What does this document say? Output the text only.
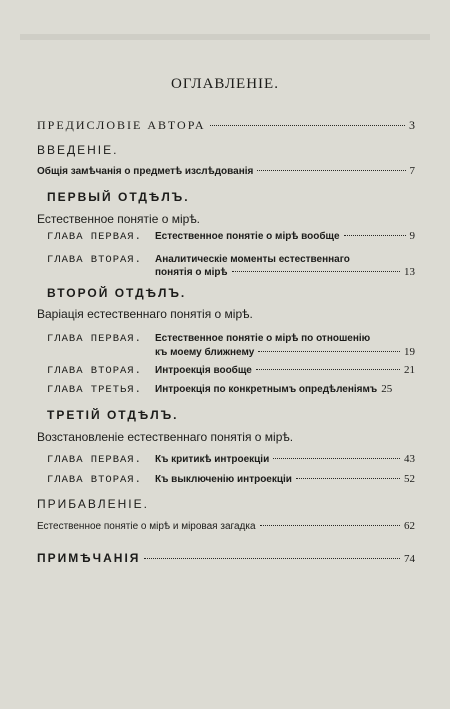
ОГЛАВЛЕНІЕ.
ПРЕДИСЛОВІЕ АВТОРА	3
ВВЕДЕНІЕ.
Общія замѣчанія о предметѣ изслѣдованія	7
ПЕРВЫЙ ОТДѢЛЪ.
Естественное понятіе о мірѣ.
ГЛАВА ПЕРВАЯ.	Естественное понятіе о мірѣ вообще	9
ГЛАВА ВТОРАЯ.	Аналитическіе моменты естественнаго
понятія о мірѣ	13
ВТОРОЙ ОТДѢЛЪ.
Варіація естественнаго понятія о мірѣ.
ГЛАВА ПЕРВАЯ.	Естественное понятіе о мірѣ по отношенію
къ моему ближнему	19
ГЛАВА ВТОРАЯ.	Интроекція вообще	21
ГЛАВА ТРЕТЬЯ.	Интроекція по конкретнымъ опредѣленіямъ 25
ТРЕТІЙ ОТДѢЛЪ.
Возстановленіе естественнаго понятія о мірѣ.
ГЛАВА ПЕРВАЯ.	Къ критикѣ интроекціи	43
ГЛАВА ВТОРАЯ.	Къ выключенію интроекціи	52
ПРИБАВЛЕНІЕ.
Естественное понятіе о мірѣ и міровая загадка	62
ПРИМѢЧАНІЯ	74
